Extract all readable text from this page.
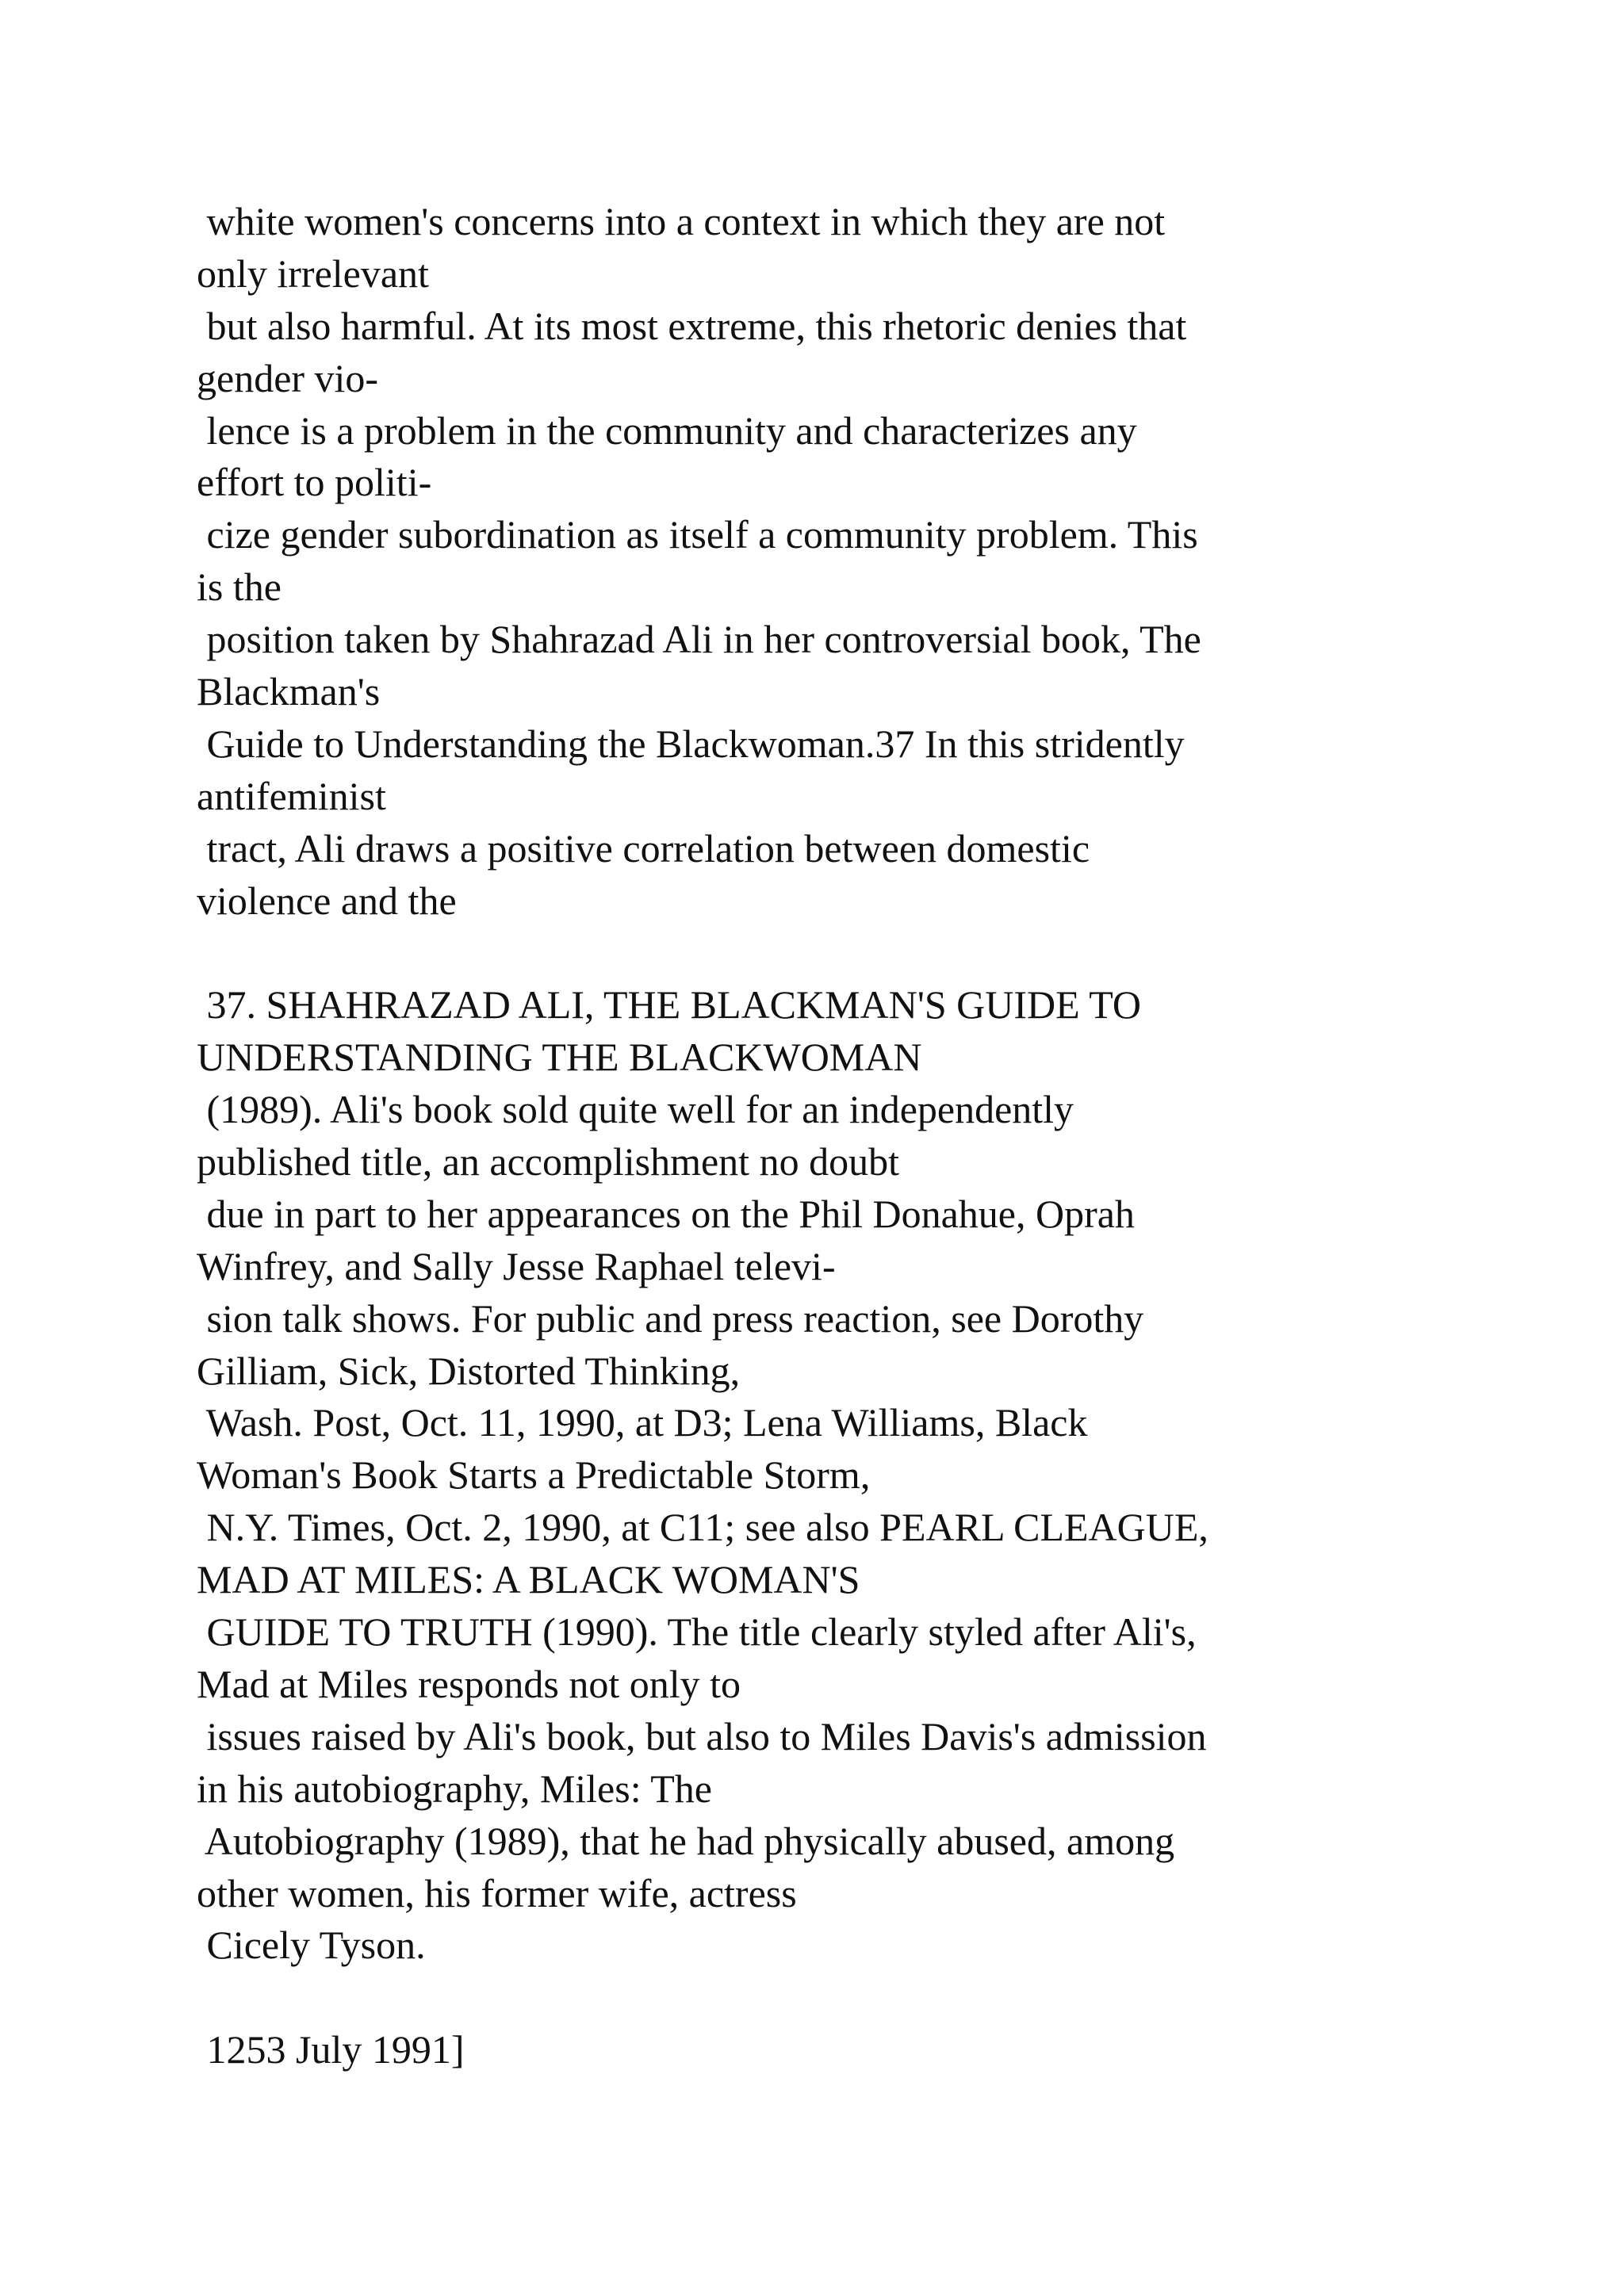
white women's concerns into a context in which they are not
only irrelevant
but also harmful. At its most extreme, this rhetoric denies that
gender vio-
lence is a problem in the community and characterizes any
effort to politi-
cize gender subordination as itself a community problem. This
is the
position taken by Shahrazad Ali in her controversial book, The
Blackman's
Guide to Understanding the Blackwoman.37 In this stridently
antifeminist
tract, Ali draws a positive correlation between domestic
violence and the
37. SHAHRAZAD ALI, THE BLACKMAN'S GUIDE TO
UNDERSTANDING THE BLACKWOMAN
(1989). Ali's book sold quite well for an independently
published title, an accomplishment no doubt
due in part to her appearances on the Phil Donahue, Oprah
Winfrey, and Sally Jesse Raphael televi-
sion talk shows. For public and press reaction, see Dorothy
Gilliam, Sick, Distorted Thinking,
Wash. Post, Oct. 11, 1990, at D3; Lena Williams, Black
Woman's Book Starts a Predictable Storm,
N.Y. Times, Oct. 2, 1990, at C11; see also PEARL CLEAGUE,
MAD AT MILES: A BLACK WOMAN'S
GUIDE TO TRUTH (1990). The title clearly styled after Ali's,
Mad at Miles responds not only to
issues raised by Ali's book, but also to Miles Davis's admission
in his autobiography, Miles: The
Autobiography (1989), that he had physically abused, among
other women, his former wife, actress
Cicely Tyson.
1253 July 1991]
